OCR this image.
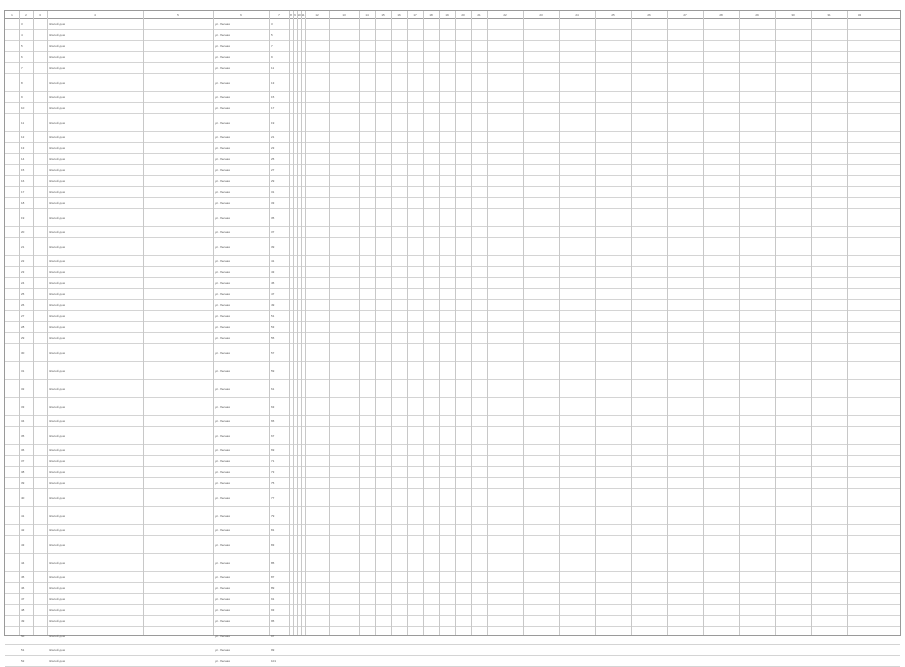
1	2	3	4	5	6	7	8 9 10 11	12	13	14	15	16	17	18	19	20	21	22	23	24	25	26	27	28	29	30	31	32
3	Жилой дом	ул. Лесная	3
4	Жилой дом	ул. Лесная	5
5	Жилой дом	ул. Лесная	7
6	Жилой дом	ул. Лесная	9
7	Жилой дом	ул. Лесная	11
8	Жилой дом	ул. Лесная	13
9	Жилой дом	ул. Лесная	15
10	Жилой дом	ул. Лесная	17
11	Жилой дом	ул. Лесная	19
12	Жилой дом	ул. Лесная	21
13	Жилой дом	ул. Лесная	23
14	Жилой дом	ул. Лесная	25
15	Жилой дом	ул. Лесная	27
16	Жилой дом	ул. Лесная	29
17	Жилой дом	ул. Лесная	31
18	Жилой дом	ул. Лесная	33
19	Жилой дом	ул. Лесная	35
20	Жилой дом	ул. Лесная	37
21	Жилой дом	ул. Лесная	39
22	Жилой дом	ул. Лесная	41
23	Жилой дом	ул. Лесная	43
24	Жилой дом	ул. Лесная	45
25	Жилой дом	ул. Лесная	47
26	Жилой дом	ул. Лесная	49
27	Жилой дом	ул. Лесная	51
28	Жилой дом	ул. Лесная	53
29	Жилой дом	ул. Лесная	55
30	Жилой дом	ул. Лесная	57
31	Жилой дом	ул. Лесная	59
32	Жилой дом	ул. Лесная	61
33	Жилой дом	ул. Лесная	63
34	Жилой дом	ул. Лесная	65
35	Жилой дом	ул. Лесная	67
36	Жилой дом	ул. Лесная	69
37	Жилой дом	ул. Лесная	71
38	Жилой дом	ул. Лесная	73
39	Жилой дом	ул. Лесная	75
40	Жилой дом	ул. Лесная	77
41	Жилой дом	ул. Лесная	79
42	Жилой дом	ул. Лесная	81
43	Жилой дом	ул. Лесная	83
44	Жилой дом	ул. Лесная	85
45	Жилой дом	ул. Лесная	87
46	Жилой дом	ул. Лесная	89
47	Жилой дом	ул. Лесная	91
48	Жилой дом	ул. Лесная	93
49	Жилой дом	ул. Лесная	95
50	Жилой дом	ул. Лесная	97
51	Жилой дом	ул. Лесная	99
52	Жилой дом	ул. Лесная	101
